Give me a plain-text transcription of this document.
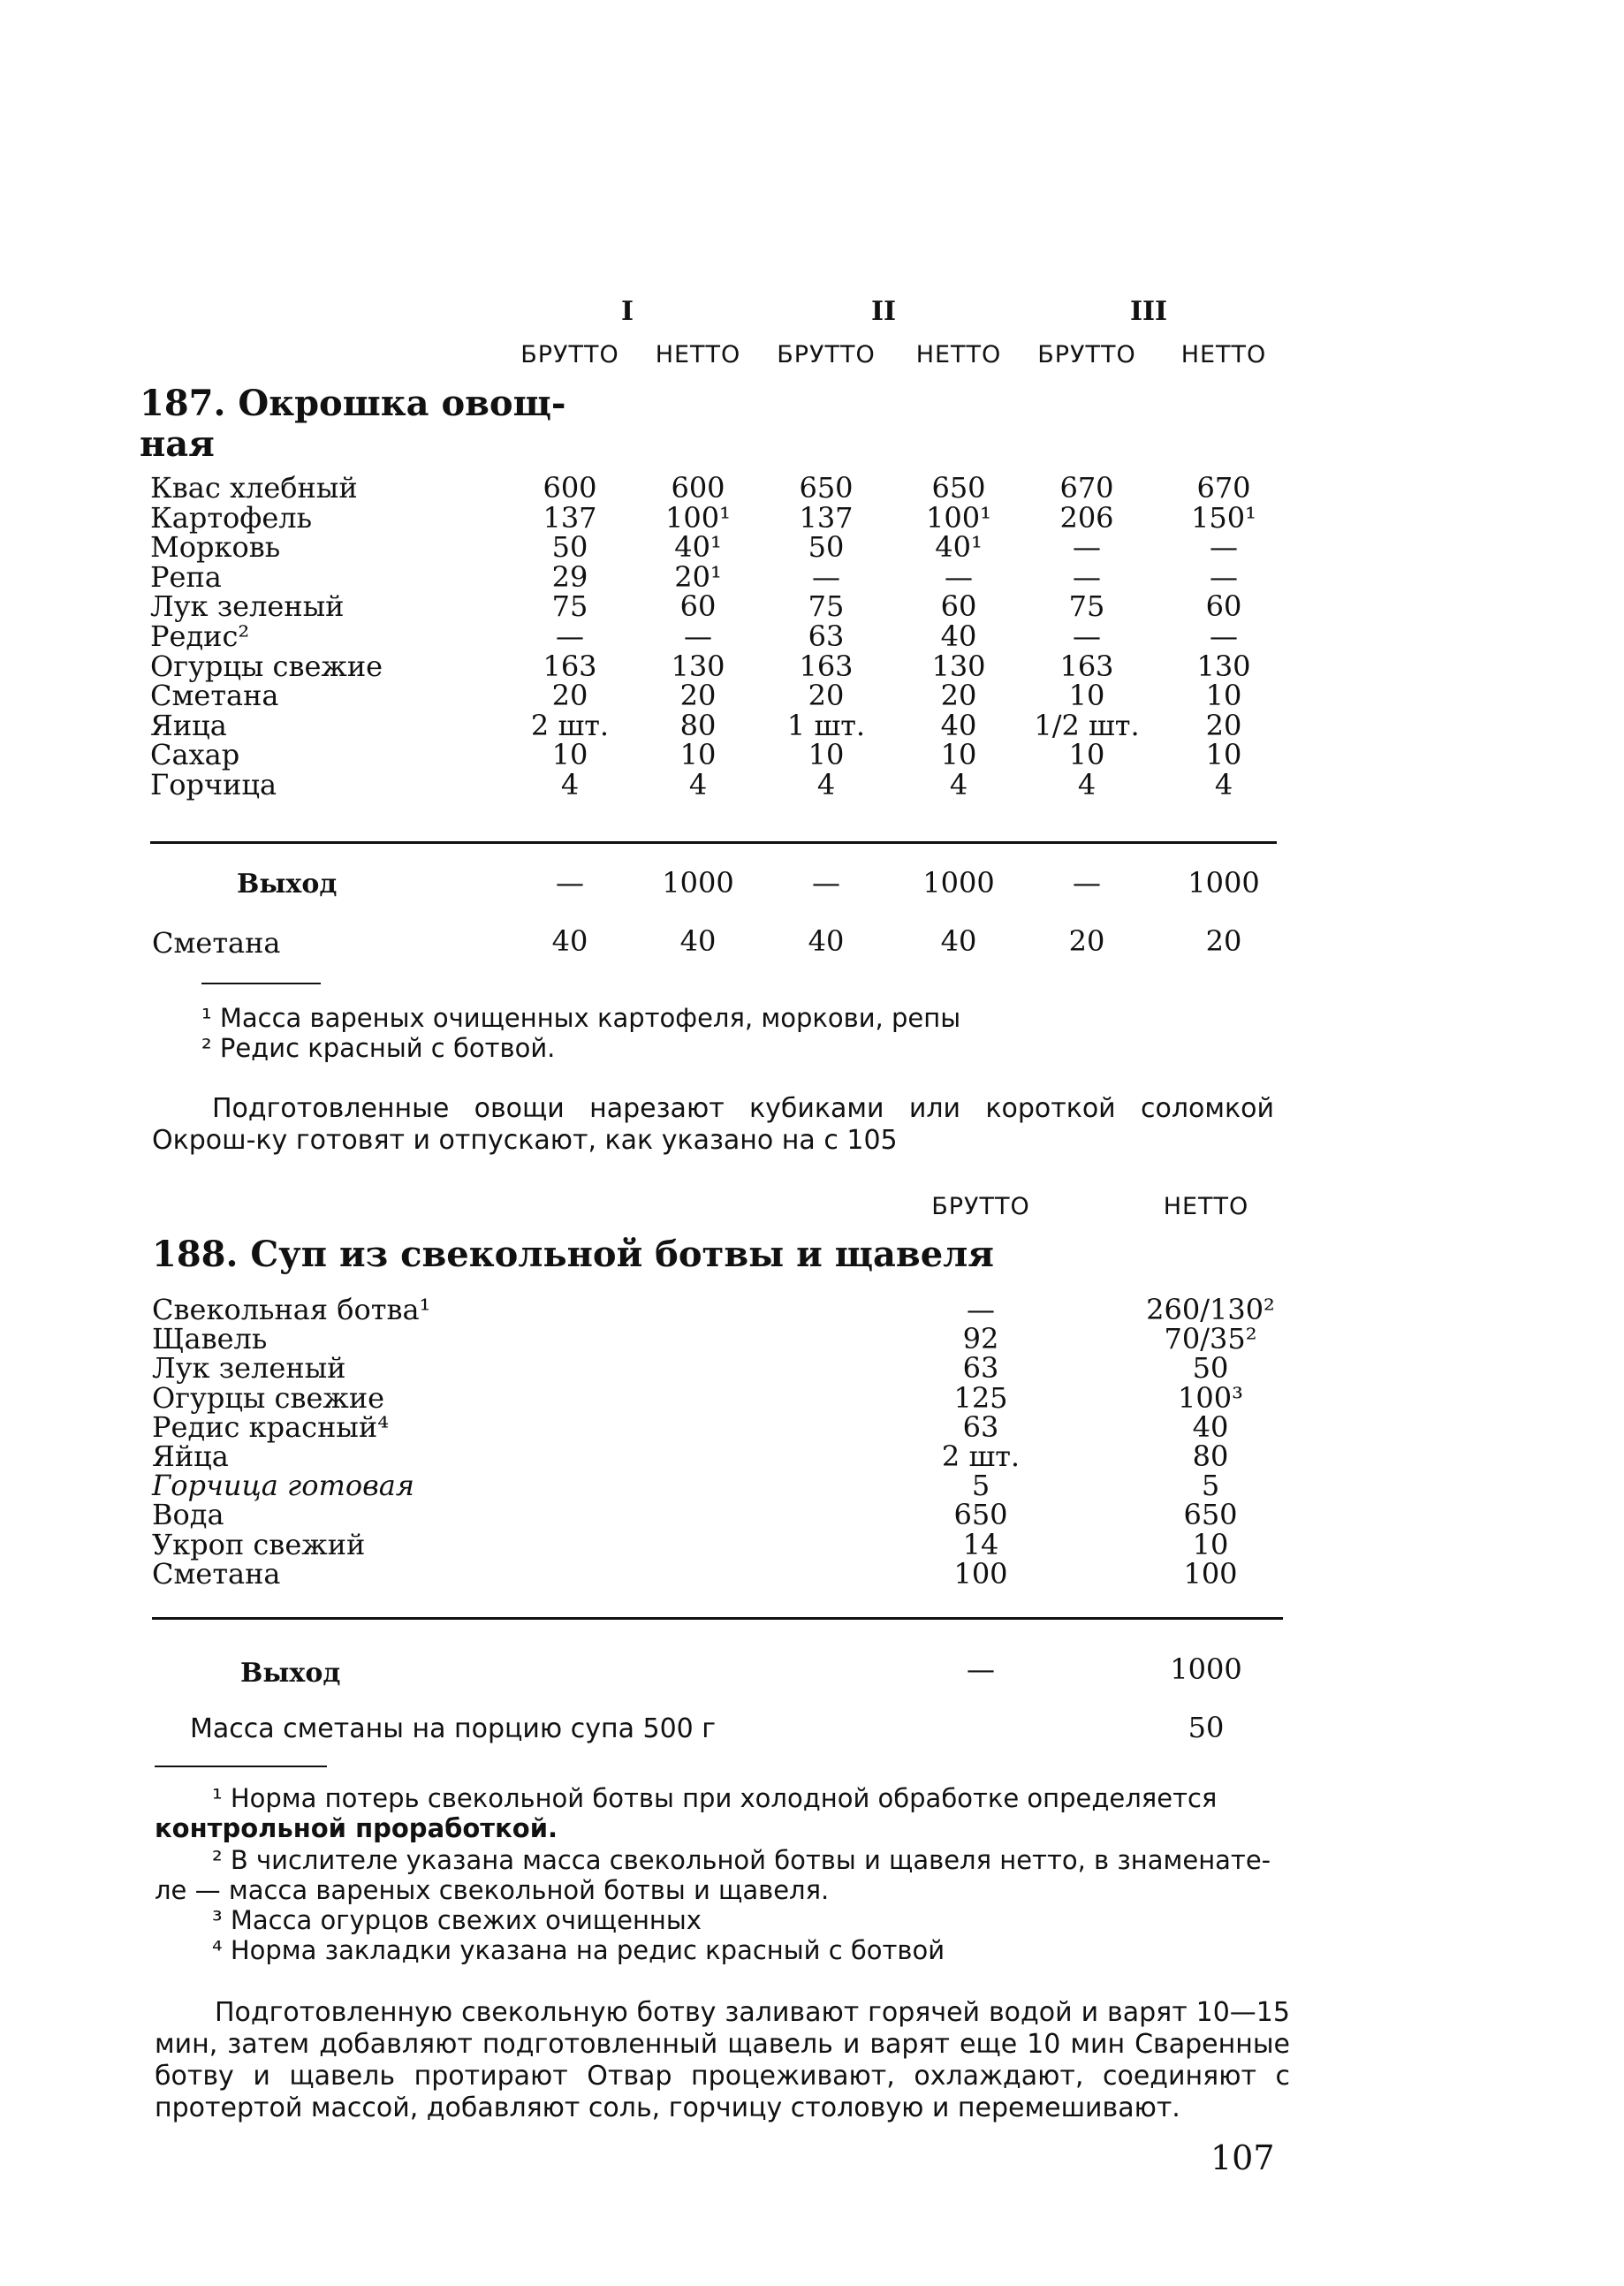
I	II	III
БРУТТО	НЕТТО	БРУТТО	НЕТТО	БРУТТО	НЕТТО
187. Окрошка овощ-
ная
Квас хлебный	600	600	650	650	670	670
Картофель	137	100¹	137	100¹	206	150¹
Морковь	50	40¹	50	40¹	—	—
Репа	29	20¹	—	—	—	—
Лук зеленый	75	60	75	60	75	60
Редис²	—	—	63	40	—	—
Огурцы свежие	163	130	163	130	163	130
Сметана	20	20	20	20	10	10
Яица	2 шт.	80	1 шт.	40	1/2 шт.	20
Сахар	10	10	10	10	10	10
Горчица	4	4	4	4	4	4
Выход	—	1000	—	1000	—	1000
Сметана	40	40	40	40	20	20
¹ Масса вареных очищенных картофеля, моркови, репы
² Редис красный с ботвой.
Подготовленные овощи нарезают кубиками или короткой соломкой Окрош-ку готовят и отпускают, как указано на с 105
БРУТТО	НЕТТО
188. Суп из свекольной ботвы и щавеля
Свекольная ботва¹	—	260/130²
Щавель	92	70/35²
Лук зеленый	63	50
Огурцы свежие	125	100³
Редис красный⁴	63	40
Яйца	2 шт.	80
Горчица готовая	5	5
Вода	650	650
Укроп свежий	14	10
Сметана	100	100
Выход	—	1000
Масса сметаны на порцию супа 500 г	50
¹ Норма потерь свекольной ботвы при холодной обработке определяется
контрольной проработкой.
² В числителе указана масса свекольной ботвы и щавеля нетто, в знаменате-
ле — масса вареных свекольной ботвы и щавеля.
³ Масса огурцов свежих очищенных
⁴ Норма закладки указана на редис красный с ботвой
Подготовленную свекольную ботву заливают горячей водой и варят 10—15 мин, затем добавляют подготовленный щавель и варят еще 10 мин Сваренные ботву и щавель протирают Отвар процеживают, охлаждают, соединяют с протертой массой, добавляют соль, горчицу столовую и перемешивают.
107
